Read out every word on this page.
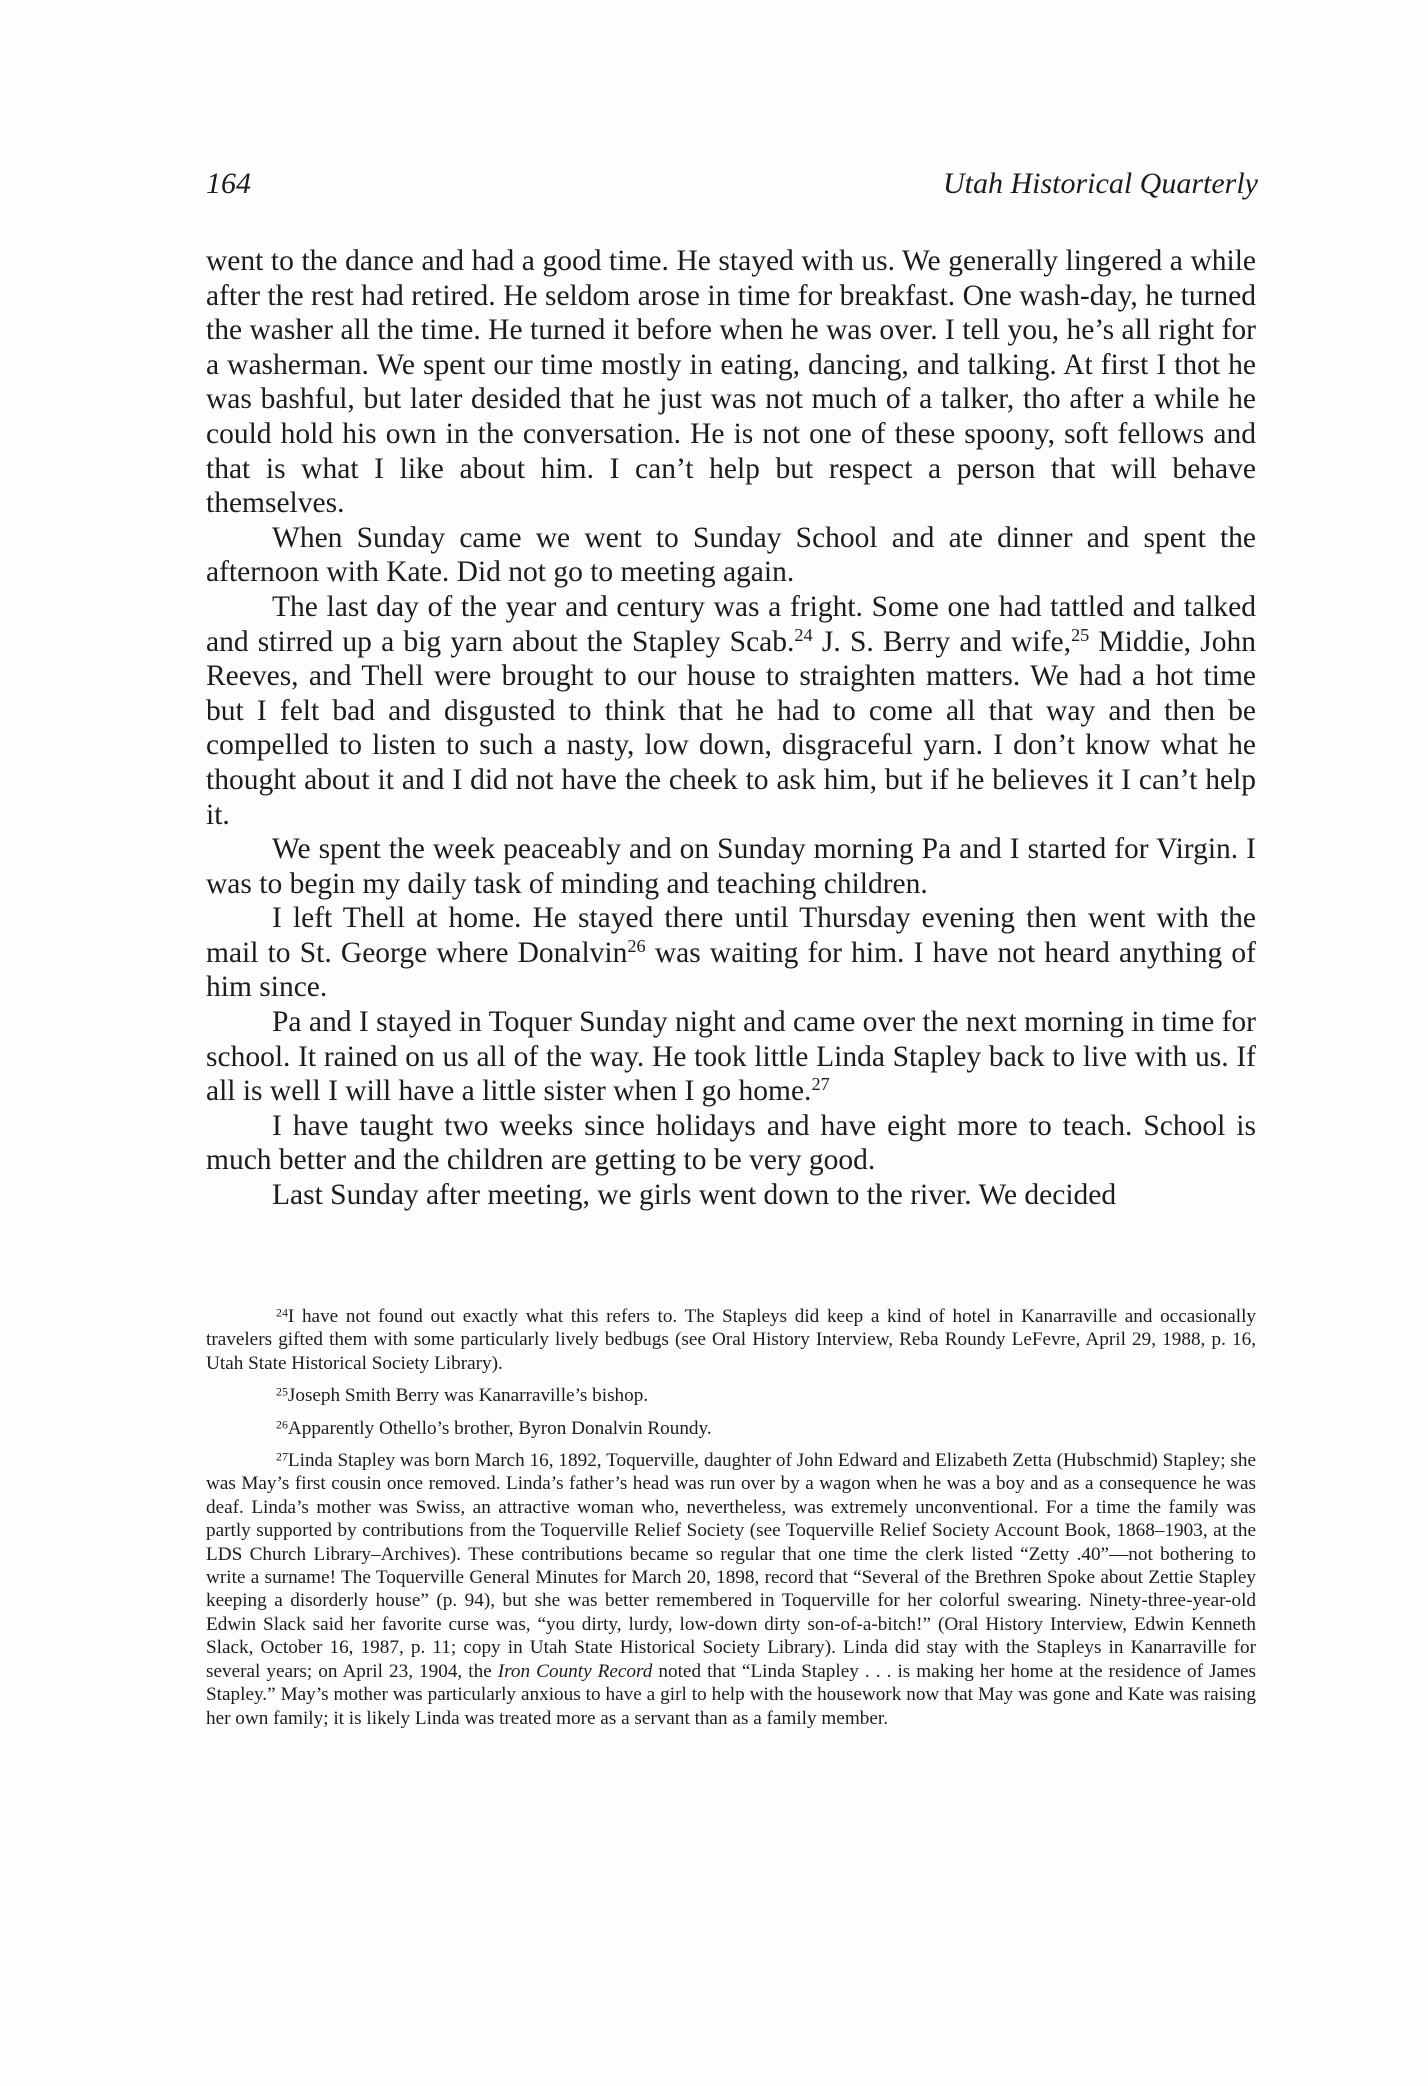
164	Utah Historical Quarterly

went to the dance and had a good time. He stayed with us. We generally lingered a while after the rest had retired. He seldom arose in time for breakfast. One wash-day, he turned the washer all the time. He turned it before when he was over. I tell you, he’s all right for a washerman. We spent our time mostly in eating, dancing, and talking. At first I thot he was bashful, but later desided that he just was not much of a talker, tho after a while he could hold his own in the conversation. He is not one of these spoony, soft fellows and that is what I like about him. I can’t help but respect a person that will behave themselves.

When Sunday came we went to Sunday School and ate dinner and spent the afternoon with Kate. Did not go to meeting again.

The last day of the year and century was a fright. Some one had tattled and talked and stirred up a big yarn about the Stapley Scab.$^{24}$ J. S. Berry and wife,$^{25}$ Middie, John Reeves, and Thell were brought to our house to straighten matters. We had a hot time but I felt bad and disgusted to think that he had to come all that way and then be compelled to listen to such a nasty, low down, disgraceful yarn. I don’t know what he thought about it and I did not have the cheek to ask him, but if he believes it I can’t help it.

We spent the week peaceably and on Sunday morning Pa and I started for Virgin. I was to begin my daily task of minding and teaching children.

I left Thell at home. He stayed there until Thursday evening then went with the mail to St. George where Donalvin$^{26}$ was waiting for him. I have not heard anything of him since.

Pa and I stayed in Toquer Sunday night and came over the next morning in time for school. It rained on us all of the way. He took little Linda Stapley back to live with us. If all is well I will have a little sister when I go home.$^{27}$

I have taught two weeks since holidays and have eight more to teach. School is much better and the children are getting to be very good.

Last Sunday after meeting, we girls went down to the river. We decided

$^{24}$I have not found out exactly what this refers to. The Stapleys did keep a kind of hotel in Kanarraville and occasionally travelers gifted them with some particularly lively bedbugs (see Oral History Interview, Reba Roundy LeFevre, April 29, 1988, p. 16, Utah State Historical Society Library).

$^{25}$Joseph Smith Berry was Kanarraville’s bishop.

$^{26}$Apparently Othello’s brother, Byron Donalvin Roundy.

$^{27}$Linda Stapley was born March 16, 1892, Toquerville, daughter of John Edward and Elizabeth Zetta (Hubschmid) Stapley; she was May’s first cousin once removed. Linda’s father’s head was run over by a wagon when he was a boy and as a consequence he was deaf. Linda’s mother was Swiss, an attractive woman who, nevertheless, was extremely unconventional. For a time the family was partly supported by contributions from the Toquerville Relief Society (see Toquerville Relief Society Account Book, 1868–1903, at the LDS Church Library–Archives). These contributions became so regular that one time the clerk listed “Zetty .40”—not bothering to write a surname! The Toquerville General Minutes for March 20, 1898, record that “Several of the Brethren Spoke about Zettie Stapley keeping a disorderly house” (p. 94), but she was better remembered in Toquerville for her colorful swearing. Ninety-three-year-old Edwin Slack said her favorite curse was, “you dirty, lurdy, low-down dirty son-of-a-bitch!” (Oral History Interview, Edwin Kenneth Slack, October 16, 1987, p. 11; copy in Utah State Historical Society Library). Linda did stay with the Stapleys in Kanarraville for several years; on April 23, 1904, the Iron County Record noted that “Linda Stapley . . . is making her home at the residence of James Stapley.” May’s mother was particularly anxious to have a girl to help with the housework now that May was gone and Kate was raising her own family; it is likely Linda was treated more as a servant than as a family member.
